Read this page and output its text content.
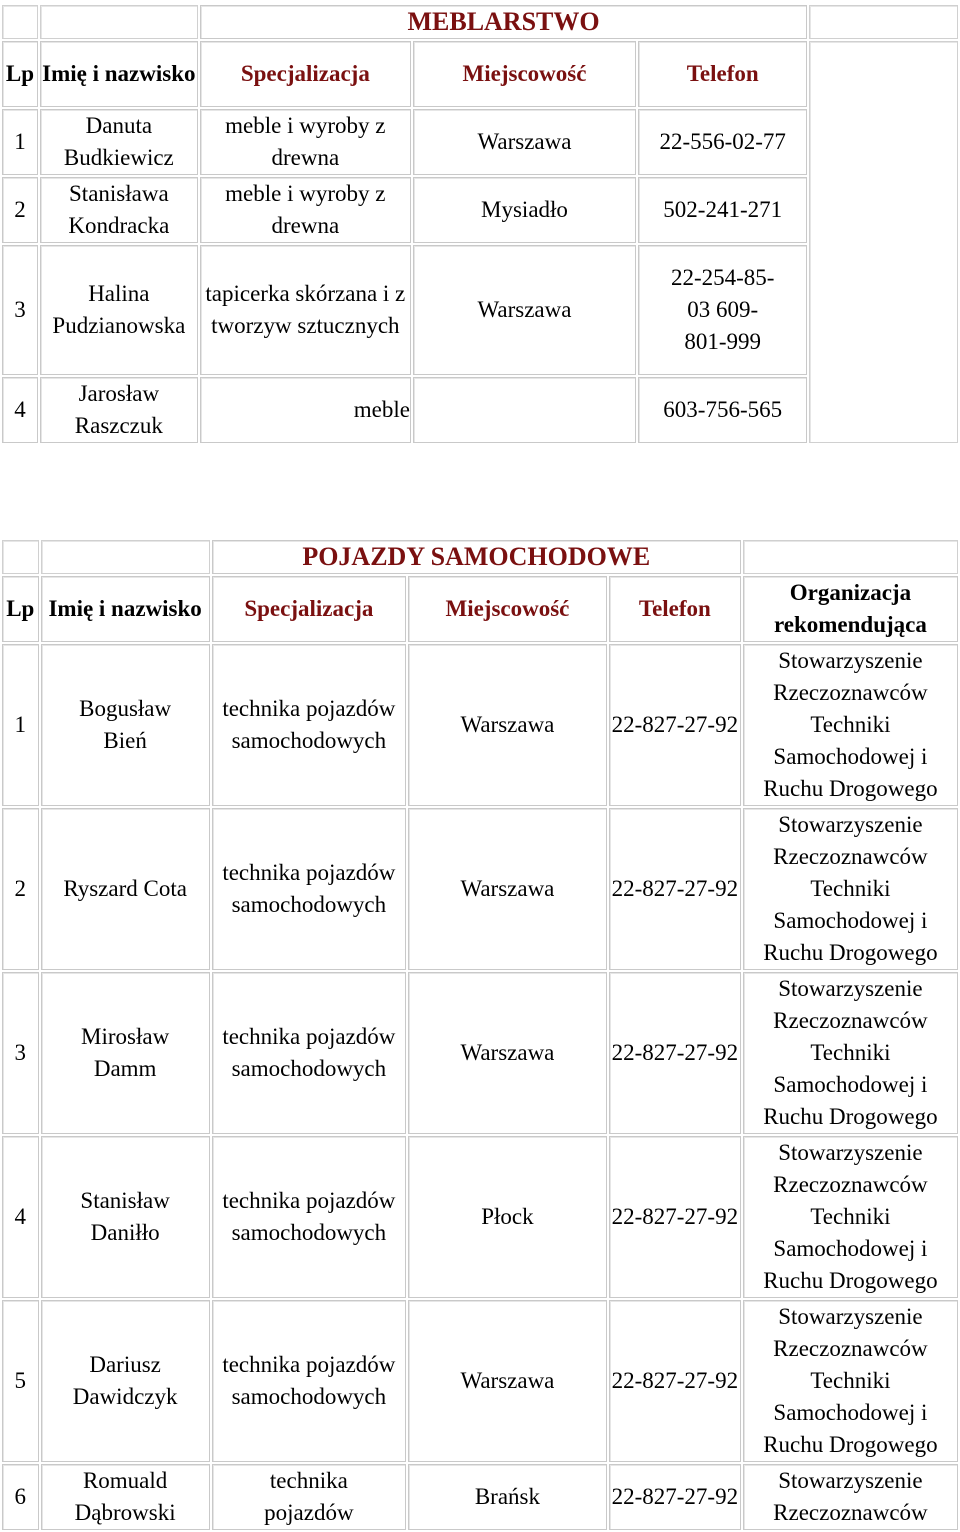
		MEBLARSTWO			
Lp	Imię i nazwisko	Specjalizacja	Miejscowość	Telefon	
1	Danuta Budkiewicz	meble i wyroby z drewna	Warszawa	22-556-02-77	
2	Stanisława Kondracka	meble i wyroby z drewna	Mysiadło	502-241-271	
3	Halina Pudzianowska	tapicerka skórzana i z tworzyw sztucznych	Warszawa	22-254-85-03 609-801-999	
4	Jarosław Raszczuk	meble		603-756-565	
		POJAZDY SAMOCHODOWE			
Lp	Imię i nazwisko	Specjalizacja	Miejscowość	Telefon	Organizacja rekomendująca
1	Bogusław Bień	technika pojazdów samochodowych	Warszawa	22-827-27-92	Stowarzyszenie Rzeczoznawców Techniki Samochodowej i Ruchu Drogowego
2	Ryszard Cota	technika pojazdów samochodowych	Warszawa	22-827-27-92	Stowarzyszenie Rzeczoznawców Techniki Samochodowej i Ruchu Drogowego
3	Mirosław Damm	technika pojazdów samochodowych	Warszawa	22-827-27-92	Stowarzyszenie Rzeczoznawców Techniki Samochodowej i Ruchu Drogowego
4	Stanisław Daniłło	technika pojazdów samochodowych	Płock	22-827-27-92	Stowarzyszenie Rzeczoznawców Techniki Samochodowej i Ruchu Drogowego
5	Dariusz Dawidczyk	technika pojazdów samochodowych	Warszawa	22-827-27-92	Stowarzyszenie Rzeczoznawców Techniki Samochodowej i Ruchu Drogowego
6	Romuald Dąbrowski	technika pojazdów	Brańsk	22-827-27-92	Stowarzyszenie Rzeczoznawców
